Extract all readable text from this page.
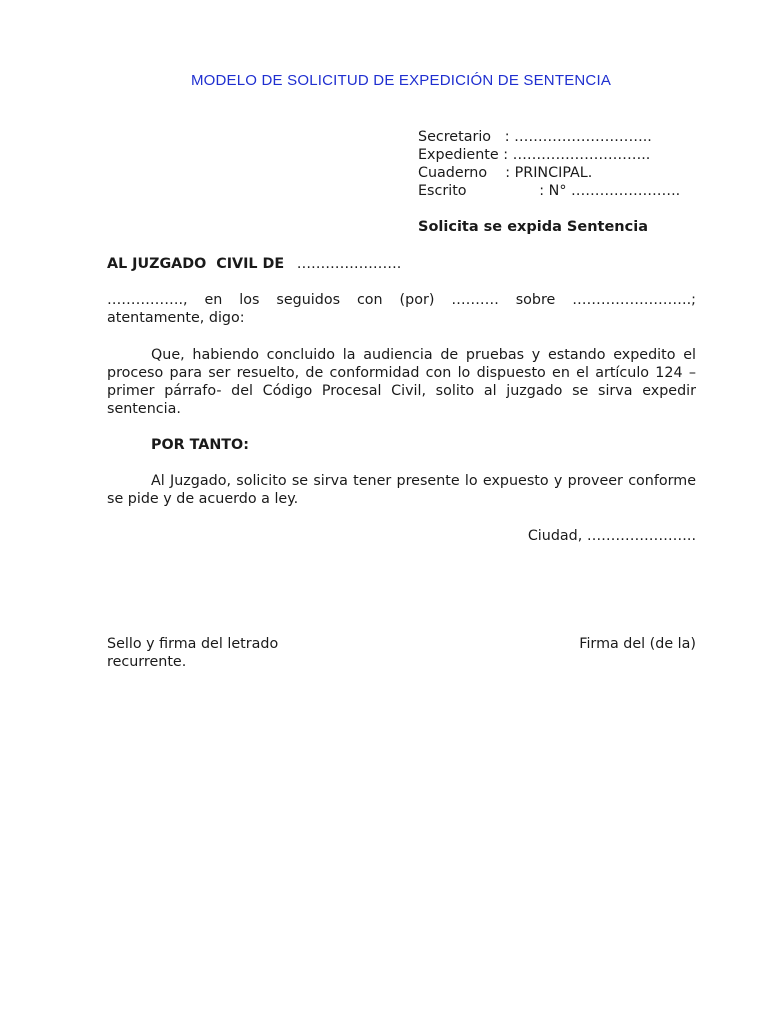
MODELO DE SOLICITUD DE EXPEDICIÓN DE SENTENCIA
Secretario   : ………………………..
Expediente : ………………………..
Cuaderno    : PRINCIPAL.
Escrito                : N° …………………..
Solicita se expida Sentencia
AL JUZGADO  CIVIL DE ………………….
……………., en los seguidos con (por) ………. sobre …………………….; atentamente, digo:
Que, habiendo concluido la audiencia de pruebas y estando expedito el proceso para ser resuelto, de conformidad con lo dispuesto en el artículo 124 –primer párrafo- del Código Procesal Civil, solito al juzgado se sirva expedir sentencia.
POR TANTO:
Al Juzgado, solicito se sirva tener presente lo expuesto y proveer conforme se pide y de acuerdo a ley.
Ciudad, …………………..
Sello y firma del letrado recurrente.
Firma del (de la)
